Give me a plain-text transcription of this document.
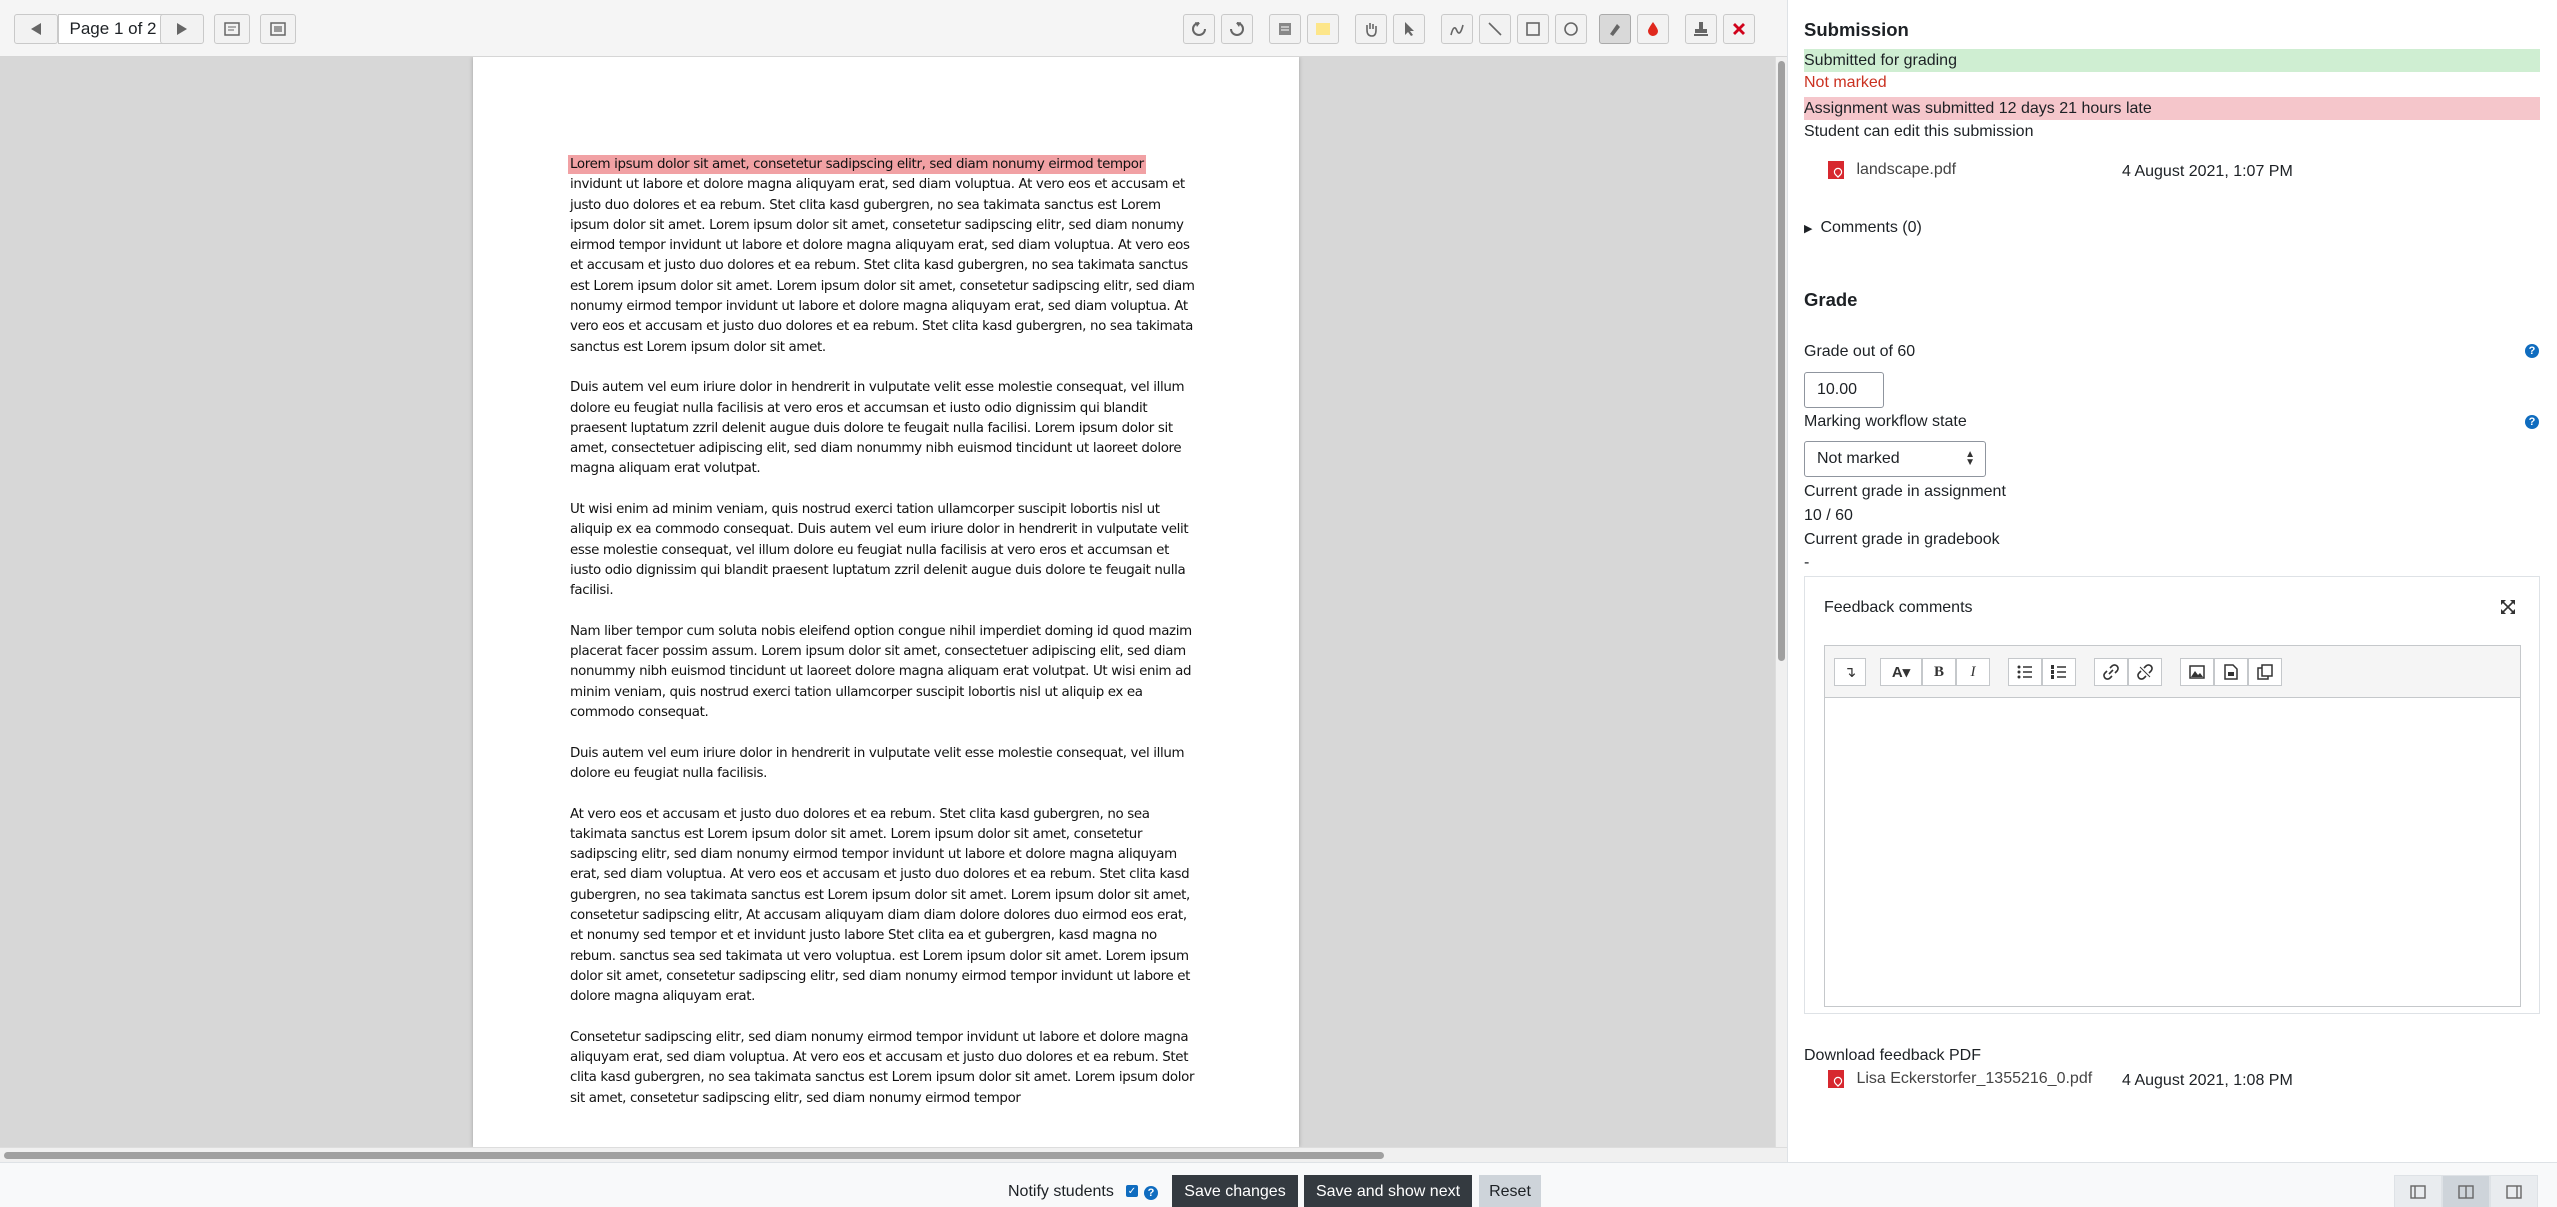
Page 1 of 2

Lorem ipsum dolor sit amet, consetetur sadipscing elitr, sed diam nonumy eirmod tempor
invidunt ut labore et dolore magna aliquyam erat, sed diam voluptua. At vero eos et accusam et justo duo dolores et ea rebum. Stet clita kasd gubergren, no sea takimata sanctus est Lorem ipsum dolor sit amet. Lorem ipsum dolor sit amet, consetetur sadipscing elitr, sed diam nonumy eirmod tempor invidunt ut labore et dolore magna aliquyam erat, sed diam voluptua. At vero eos et accusam et justo duo dolores et ea rebum. Stet clita kasd gubergren, no sea takimata sanctus est Lorem ipsum dolor sit amet. Lorem ipsum dolor sit amet, consetetur sadipscing elitr, sed diam nonumy eirmod tempor invidunt ut labore et dolore magna aliquyam erat, sed diam voluptua. At vero eos et accusam et justo duo dolores et ea rebum. Stet clita kasd gubergren, no sea takimata sanctus est Lorem ipsum dolor sit amet.

Duis autem vel eum iriure dolor in hendrerit in vulputate velit esse molestie consequat, vel illum dolore eu feugiat nulla facilisis at vero eros et accumsan et iusto odio dignissim qui blandit praesent luptatum zzril delenit augue duis dolore te feugait nulla facilisi. Lorem ipsum dolor sit amet, consectetuer adipiscing elit, sed diam nonummy nibh euismod tincidunt ut laoreet dolore magna aliquam erat volutpat.

Ut wisi enim ad minim veniam, quis nostrud exerci tation ullamcorper suscipit lobortis nisl ut aliquip ex ea commodo consequat. Duis autem vel eum iriure dolor in hendrerit in vulputate velit esse molestie consequat, vel illum dolore eu feugiat nulla facilisis at vero eros et accumsan et iusto odio dignissim qui blandit praesent luptatum zzril delenit augue duis dolore te feugait nulla facilisi.

Nam liber tempor cum soluta nobis eleifend option congue nihil imperdiet doming id quod mazim placerat facer possim assum. Lorem ipsum dolor sit amet, consectetuer adipiscing elit, sed diam nonummy nibh euismod tincidunt ut laoreet dolore magna aliquam erat volutpat. Ut wisi enim ad minim veniam, quis nostrud exerci tation ullamcorper suscipit lobortis nisl ut aliquip ex ea commodo consequat.

Duis autem vel eum iriure dolor in hendrerit in vulputate velit esse molestie consequat, vel illum dolore eu feugiat nulla facilisis.

At vero eos et accusam et justo duo dolores et ea rebum. Stet clita kasd gubergren, no sea takimata sanctus est Lorem ipsum dolor sit amet. Lorem ipsum dolor sit amet, consetetur sadipscing elitr, sed diam nonumy eirmod tempor invidunt ut labore et dolore magna aliquyam erat, sed diam voluptua. At vero eos et accusam et justo duo dolores et ea rebum. Stet clita kasd gubergren, no sea takimata sanctus est Lorem ipsum dolor sit amet. Lorem ipsum dolor sit amet, consetetur sadipscing elitr, At accusam aliquyam diam diam dolore dolores duo eirmod eos erat, et nonumy sed tempor et et invidunt justo labore Stet clita ea et gubergren, kasd magna no rebum. sanctus sea sed takimata ut vero voluptua. est Lorem ipsum dolor sit amet. Lorem ipsum dolor sit amet, consetetur sadipscing elitr, sed diam nonumy eirmod tempor invidunt ut labore et dolore magna aliquyam erat.

Consetetur sadipscing elitr, sed diam nonumy eirmod tempor invidunt ut labore et dolore magna aliquyam erat, sed diam voluptua. At vero eos et accusam et justo duo dolores et ea rebum. Stet clita kasd gubergren, no sea takimata sanctus est Lorem ipsum dolor sit amet. Lorem ipsum dolor sit amet, consetetur sadipscing elitr, sed diam nonumy eirmod tempor

Submission
Submitted for grading
Not marked
Assignment was submitted 12 days 21 hours late
Student can edit this submission
landscape.pdf	4 August 2021, 1:07 PM
▶ Comments (0)
Grade
Grade out of 60	?
10.00
Marking workflow state	?
Not marked	▲
▼
Current grade in assignment
10 / 60
Current grade in gradebook
-
Feedback comments
↴ A▾ B I
Download feedback PDF
Lisa Eckerstorfer_1355216_0.pdf 4 August 2021, 1:08 PM
Notify students ✓	?	Save changes	Save and show next	Reset
